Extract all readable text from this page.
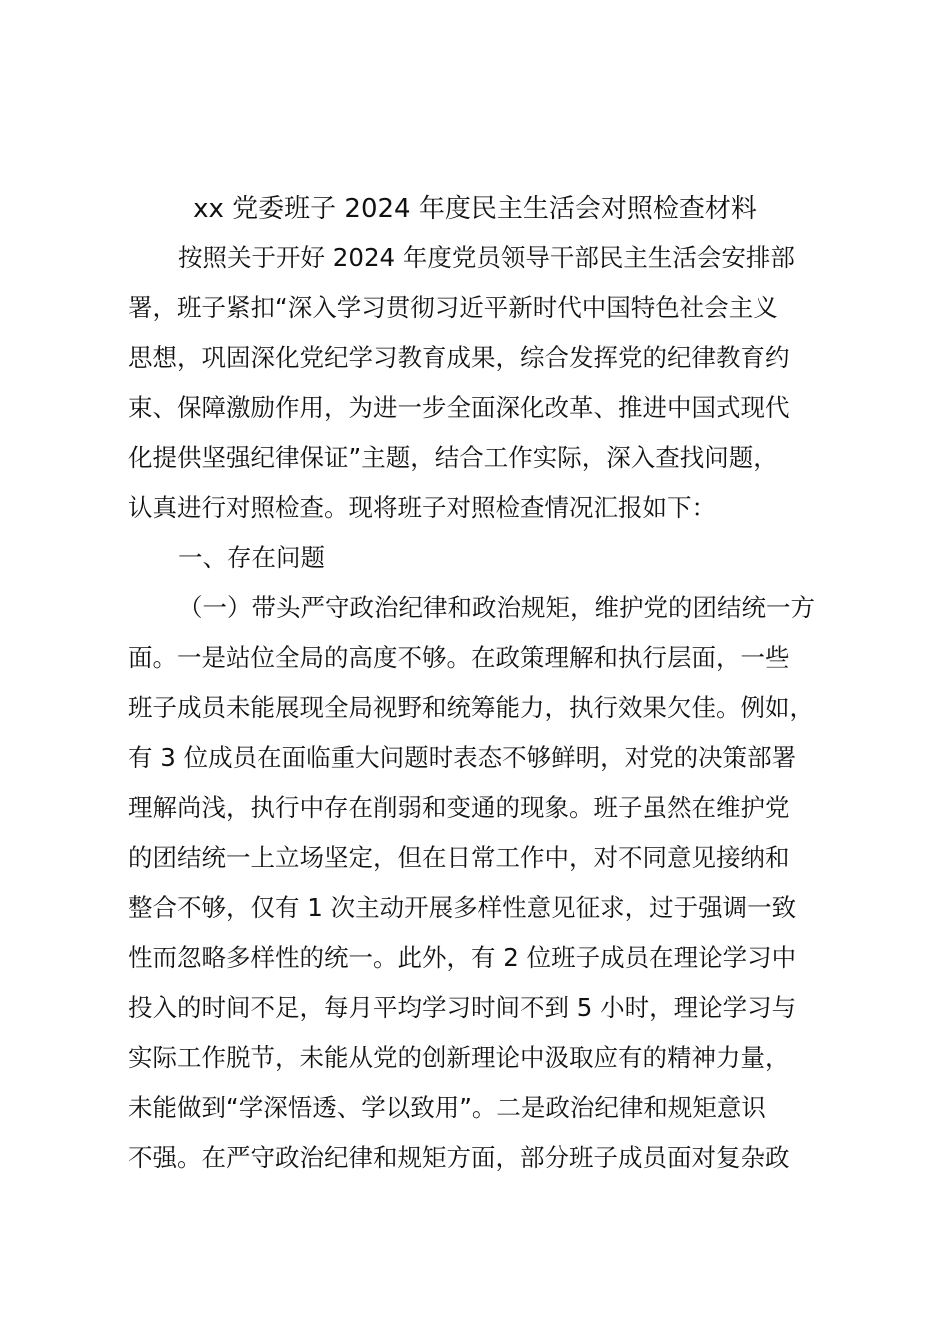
xx 党委班子 2024 年度民主生活会对照检查材料
按照关于开好 2024 年度党员领导干部民主生活会安排部
署，班子紧扣“深入学习贯彻习近平新时代中国特色社会主义
思想，巩固深化党纪学习教育成果，综合发挥党的纪律教育约
束、保障激励作用，为进一步全面深化改革、推进中国式现代
化提供坚强纪律保证”主题，结合工作实际，深入查找问题，
认真进行对照检查。现将班子对照检查情况汇报如下：
一、存在问题
（一）带头严守政治纪律和政治规矩，维护党的团结统一方
面。一是站位全局的高度不够。在政策理解和执行层面，一些
班子成员未能展现全局视野和统筹能力，执行效果欠佳。例如，
有 3 位成员在面临重大问题时表态不够鲜明，对党的决策部署
理解尚浅，执行中存在削弱和变通的现象。班子虽然在维护党
的团结统一上立场坚定，但在日常工作中，对不同意见接纳和
整合不够，仅有 1 次主动开展多样性意见征求，过于强调一致
性而忽略多样性的统一。此外，有 2 位班子成员在理论学习中
投入的时间不足，每月平均学习时间不到 5 小时，理论学习与
实际工作脱节，未能从党的创新理论中汲取应有的精神力量，
未能做到“学深悟透、学以致用”。二是政治纪律和规矩意识
不强。在严守政治纪律和规矩方面，部分班子成员面对复杂政
